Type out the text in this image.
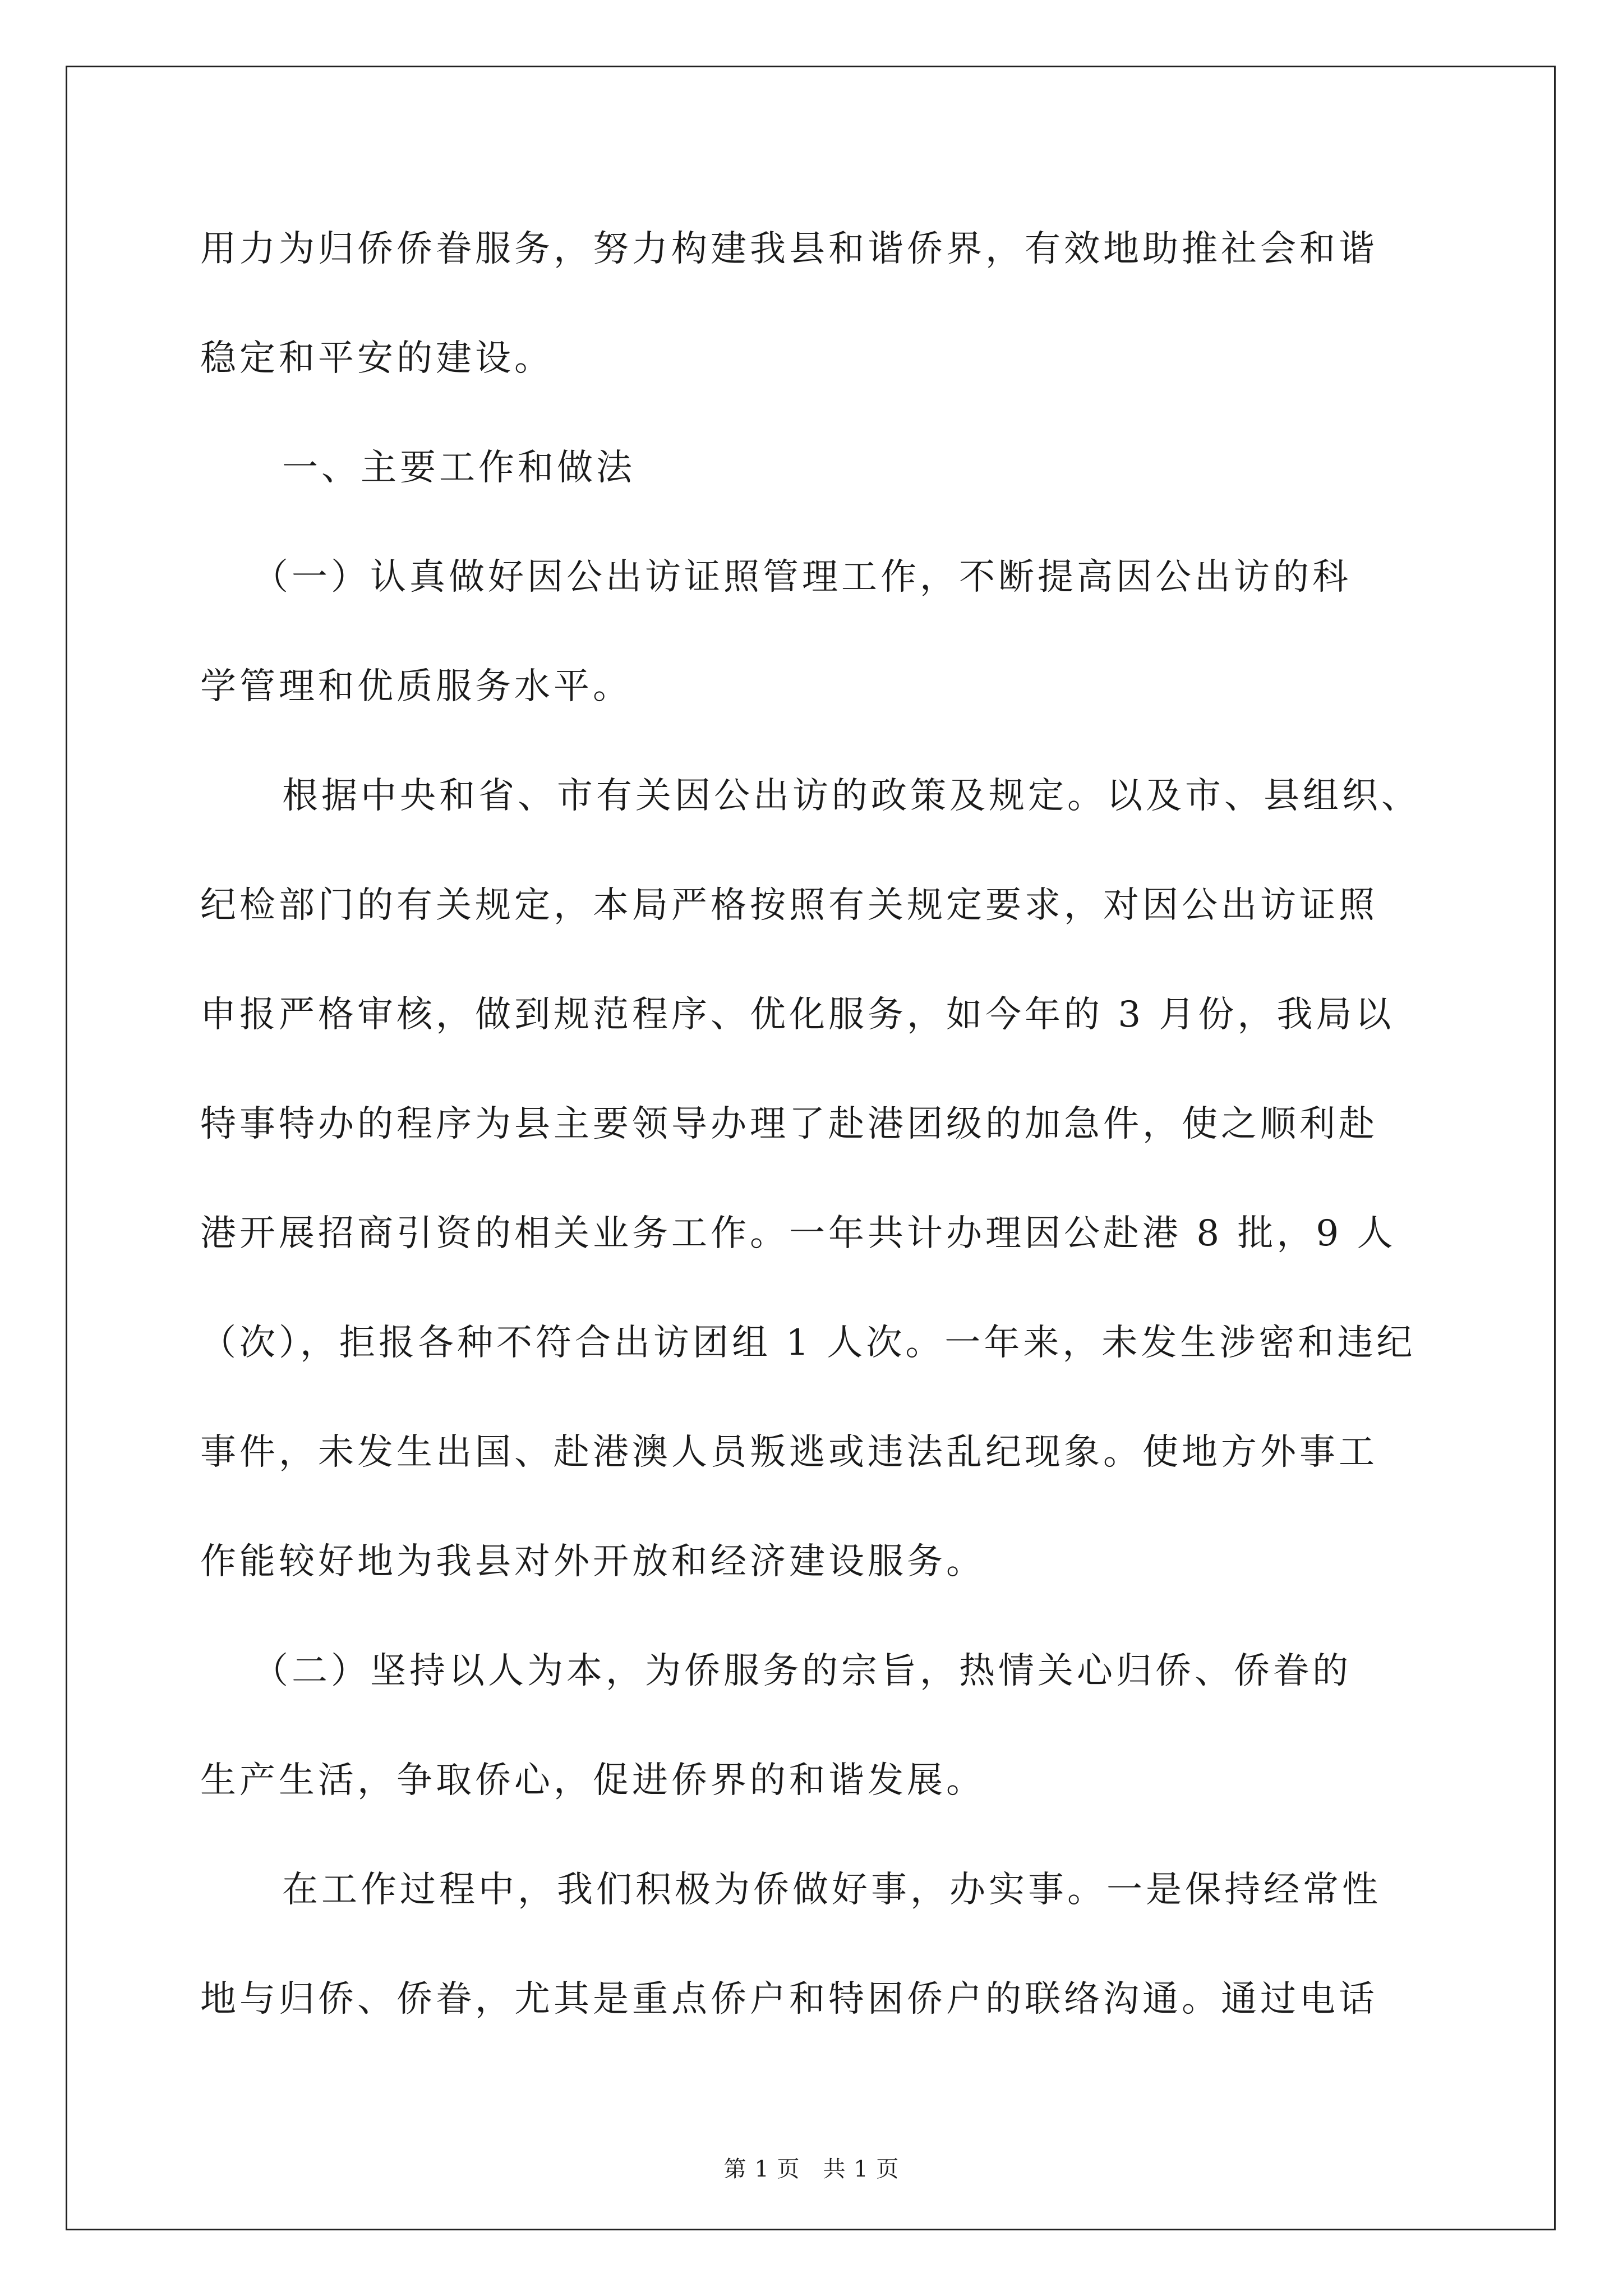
用力为归侨侨眷服务，努力构建我县和谐侨界，有效地助推社会和谐
稳定和平安的建设。
一、主要工作和做法
（一）认真做好因公出访证照管理工作，不断提高因公出访的科
学管理和优质服务水平。
根据中央和省、市有关因公出访的政策及规定。以及市、县组织、
纪检部门的有关规定，本局严格按照有关规定要求，对因公出访证照
申报严格审核，做到规范程序、优化服务，如今年的 3 月份，我局以
特事特办的程序为县主要领导办理了赴港团级的加急件，使之顺利赴
港开展招商引资的相关业务工作。一年共计办理因公赴港 8 批，9 人
（次），拒报各种不符合出访团组 1 人次。一年来，未发生涉密和违纪
事件，未发生出国、赴港澳人员叛逃或违法乱纪现象。使地方外事工
作能较好地为我县对外开放和经济建设服务。
（二）坚持以人为本，为侨服务的宗旨，热情关心归侨、侨眷的
生产生活，争取侨心，促进侨界的和谐发展。
在工作过程中，我们积极为侨做好事，办实事。一是保持经常性
地与归侨、侨眷，尤其是重点侨户和特困侨户的联络沟通。通过电话
第 1 页　共 1 页
